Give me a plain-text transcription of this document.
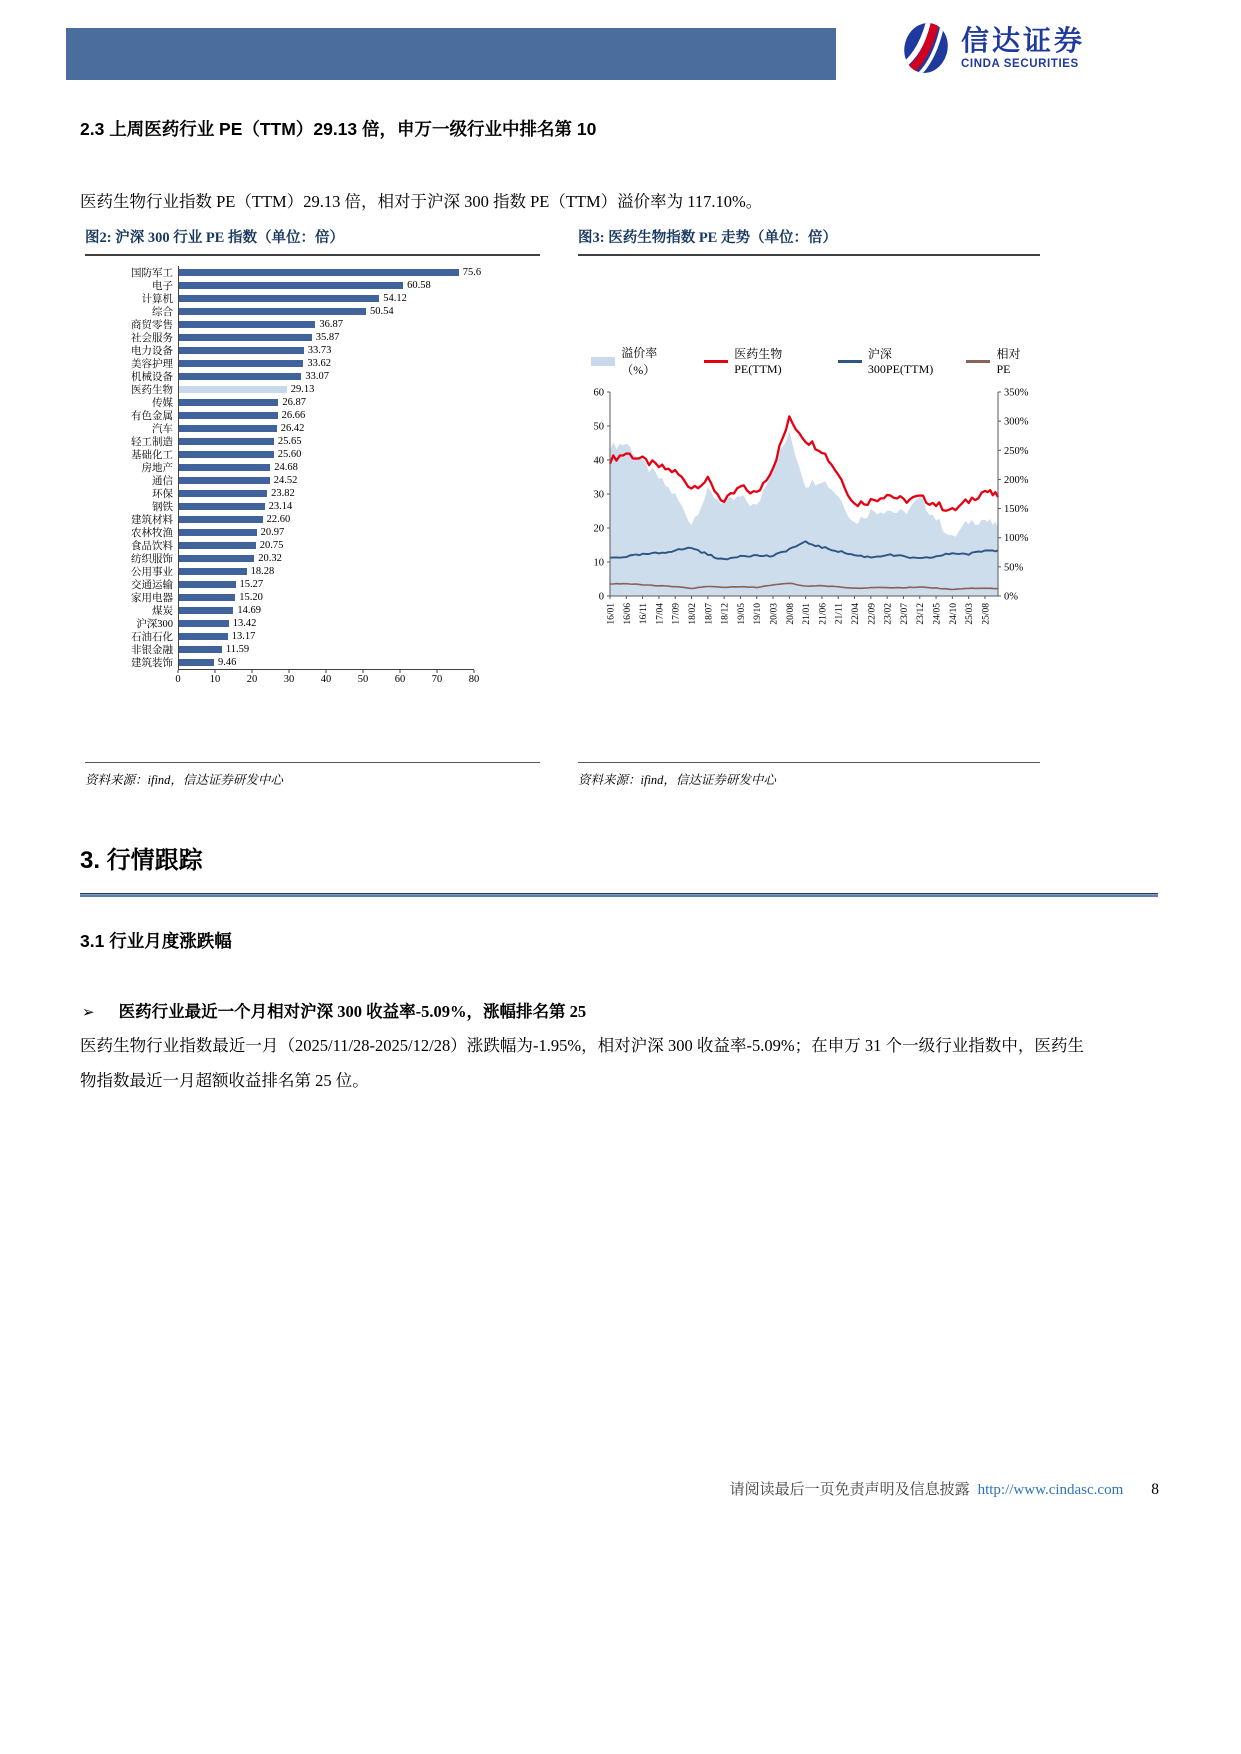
信达证券
CINDA SECURITIES
2.3 上周医药行业 PE（TTM）29.13 倍，申万一级行业中排名第 10

医药生物行业指数 PE（TTM）29.13 倍，相对于沪深 300 指数 PE（TTM）溢价率为 117.10%。

图2: 沪深 300 行业 PE 指数（单位：倍）
国防军工	75.6
电子	60.58
计算机	54.12
综合	50.54
商贸零售	36.87
社会服务	35.87
电力设备	33.73
美容护理	33.62
机械设备	33.07
医药生物	29.13
传媒	26.87
有色金属	26.66
汽车	26.42
轻工制造	25.65
基础化工	25.60
房地产	24.68
通信	24.52
环保	23.82
钢铁	23.14
建筑材料	22.60
农林牧渔	20.97
食品饮料	20.75
纺织服饰	20.32
公用事业	18.28
交通运输	15.27
家用电器	15.20
煤炭	14.69
沪深300	13.42
石油石化	13.17
非银金融	11.59
建筑装饰	9.46
0	10	20	30	40	50	60	70	80
资料来源：ifind，信达证券研发中心
图3: 医药生物指数 PE 走势（单位：倍）
溢价率（%）
医药生物PE(TTM)
沪深300PE(TTM)
相对PE
0
10
20
30
40
50
60
0%
50%
100%
150%
200%
250%
300%
350%
16/01 16/06 16/11 17/04 17/09 18/02 18/07 18/12 19/05 19/10 20/03 20/08 21/01 21/06 21/11 22/04 22/09 23/02 23/07 23/12 24/05 24/10 25/03 25/08
资料来源：ifind，信达证券研发中心
3. 行情跟踪
3.1 行业月度涨跌幅
➢ 医药行业最近一个月相对沪深 300 收益率-5.09%，涨幅排名第 25

医药生物行业指数最近一月（2025/11/28-2025/12/28）涨跌幅为-1.95%，相对沪深 300 收益率-5.09%；在申万 31 个一级行业指数中，医药生物指数最近一月超额收益排名第 25 位。

请阅读最后一页免责声明及信息披露 http://www.cindasc.com 8
